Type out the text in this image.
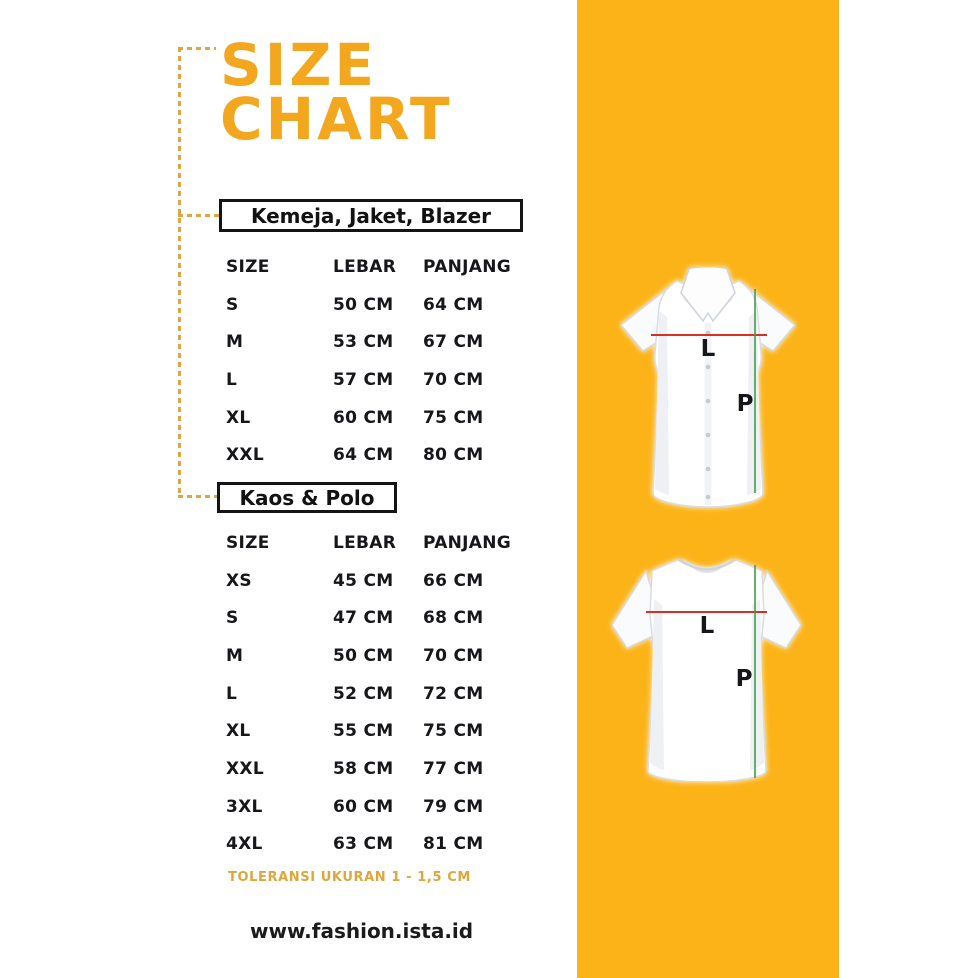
L
P
L
P
SIZE
CHART
Kemeja, Jaket, Blazer
SIZE	LEBAR	PANJANG
S	50 CM	64 CM
M	53 CM	67 CM
L	57 CM	70 CM
XL	60 CM	75 CM
XXL	64 CM	80 CM
Kaos & Polo
SIZE	LEBAR	PANJANG
XS	45 CM	66 CM
S	47 CM	68 CM
M	50 CM	70 CM
L	52 CM	72 CM
XL	55 CM	75 CM
XXL	58 CM	77 CM
3XL	60 CM	79 CM
4XL	63 CM	81 CM
TOLERANSI UKURAN 1 - 1,5 CM
www.fashion.ista.id
